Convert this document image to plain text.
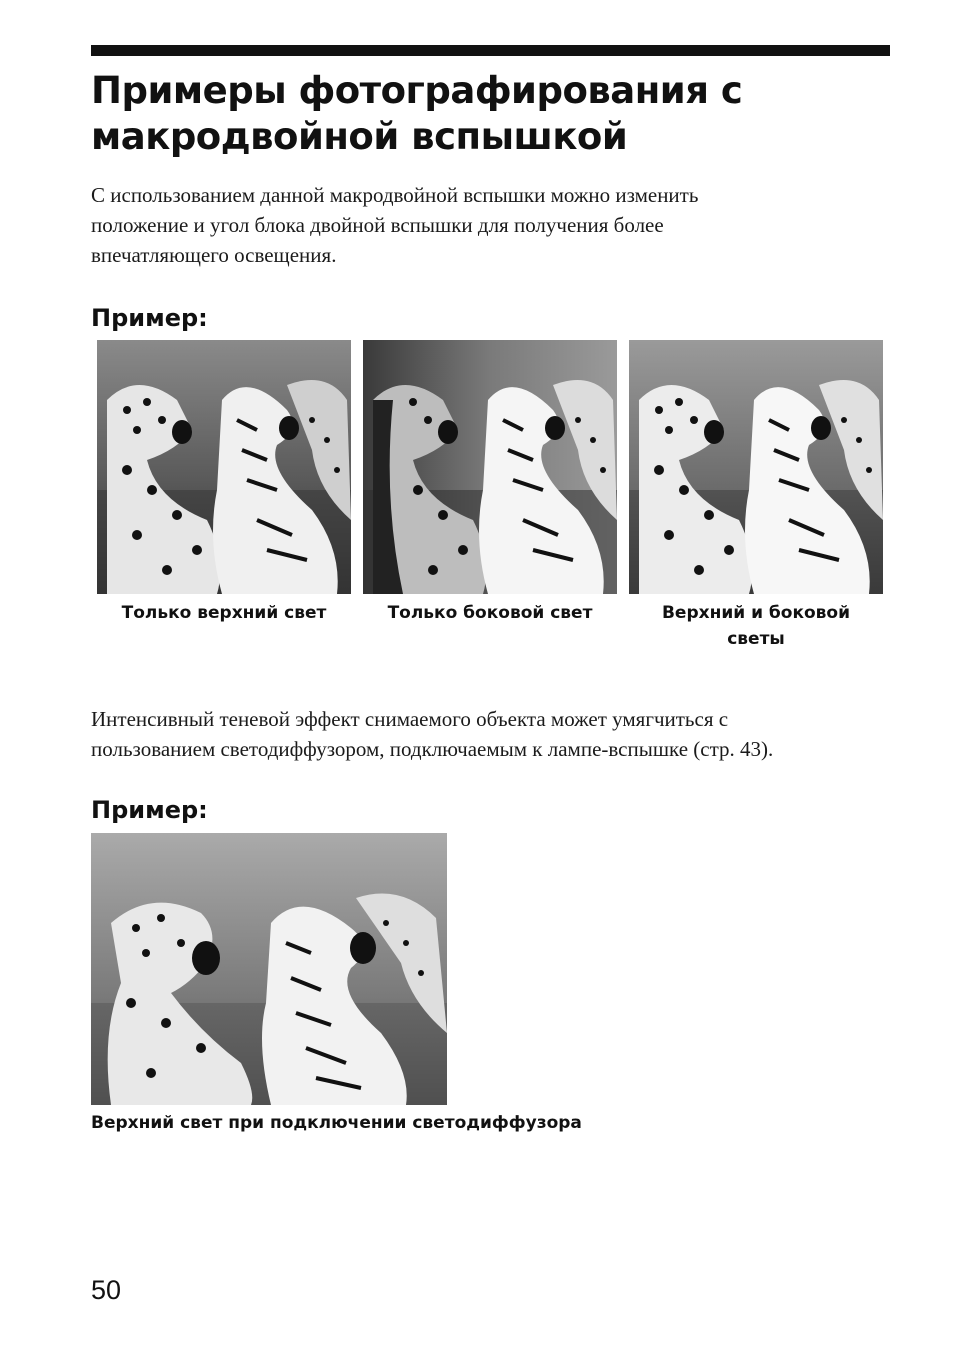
Примеры фотографирования с
макродвойной вспышкой

С использованием данной макродвойной вспышки можно изменить
положение и угол блока двойной вспышки для получения более
впечатляющего освещения.

Пример:
Только верхний свет	Только боковой свет	Верхний и боковой
светы

Интенсивный теневой эффект снимаемого объекта может умягчиться с
пользованием светодиффузором, подключаемым к лампе-вспышке (стр. 43).

Пример:
Верхний свет при подключении светодиффузора
50
